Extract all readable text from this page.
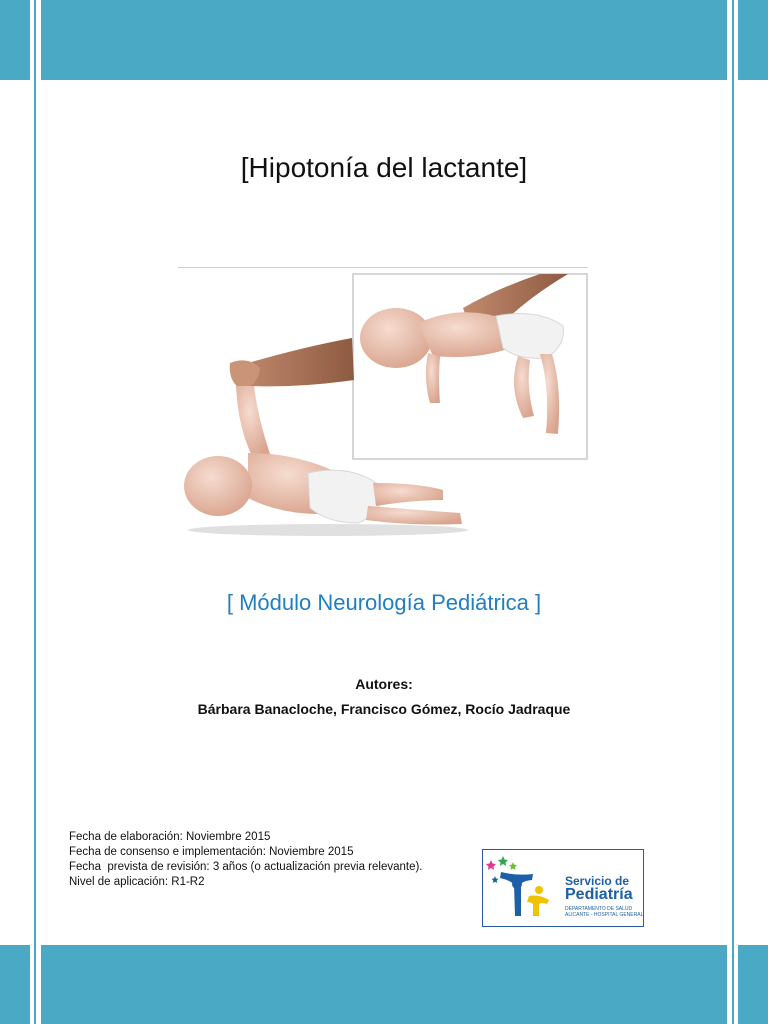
[Hipotonía del lactante]
[ Módulo Neurología Pediátrica ]
Autores:
Bárbara Banacloche, Francisco Gómez, Rocío Jadraque
Fecha de elaboración: Noviembre 2015
Fecha de consenso e implementación: Noviembre 2015
Fecha  prevista de revisión: 3 años (o actualización previa relevante).
Nivel de aplicación: R1-R2	Servicio de
Pediatría
DEPARTAMENTO DE SALUD
ALICANTE - HOSPITAL GENERAL
